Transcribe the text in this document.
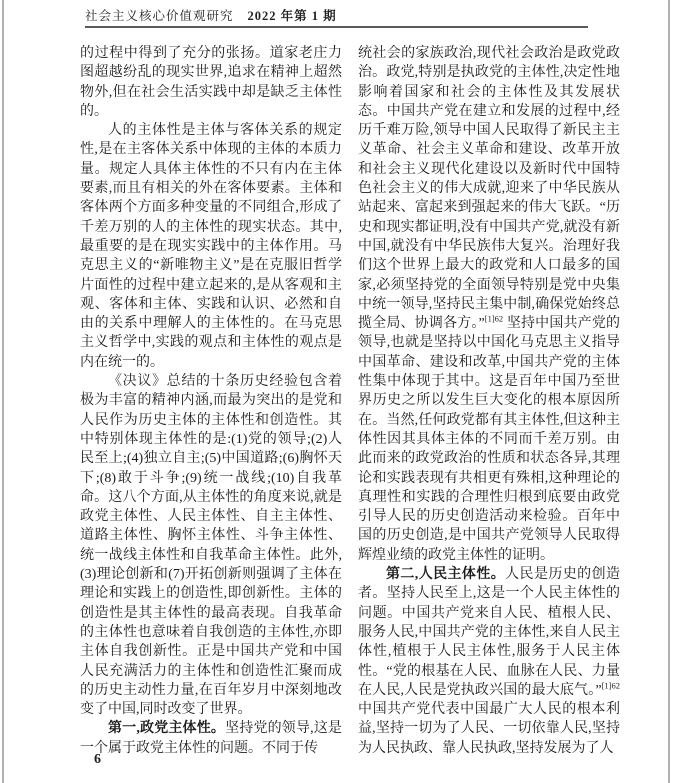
社会主义核心价值观研究 2022 年第 1 期

的过程中得到了充分的张扬。道家老庄力图超越纷乱的现实世界,追求在精神上超然物外,但在社会生活实践中却是缺乏主体性的。

人的主体性是主体与客体关系的规定性,是在主客体关系中体现的主体的本质力量。规定人具体主体性的不只有内在主体要素,而且有相关的外在客体要素。主体和客体两个方面多种变量的不同组合,形成了千差万别的人的主体性的现实状态。其中,最重要的是在现实实践中的主体作用。马克思主义的“新唯物主义”是在克服旧哲学片面性的过程中建立起来的,是从客观和主观、客体和主体、实践和认识、必然和自由的关系中理解人的主体性的。在马克思主义哲学中,实践的观点和主体性的观点是内在统一的。

《决议》总结的十条历史经验包含着极为丰富的精神内涵,而最为突出的是党和人民作为历史主体的主体性和创造性。其中特别体现主体性的是:(1)党的领导;(2)人民至上;(4)独立自主;(5)中国道路;(6)胸怀天下;(8)敢于斗争;(9)统一战线;(10)自我革命。这八个方面,从主体性的角度来说,就是政党主体性、人民主体性、自主主体性、道路主体性、胸怀主体性、斗争主体性、统一战线主体性和自我革命主体性。此外,(3)理论创新和(7)开拓创新则强调了主体在理论和实践上的创造性,即创新性。主体的创造性是其主体性的最高表现。自我革命的主体性也意味着自我创造的主体性,亦即主体自我创新性。正是中国共产党和中国人民充满活力的主体性和创造性汇聚而成的历史主动性力量,在百年岁月中深刻地改变了中国,同时改变了世界。

第一,政党主体性。坚持党的领导,这是一个属于政党主体性的问题。不同于传

统社会的家族政治,现代社会政治是政党政治。政党,特别是执政党的主体性,决定性地影响着国家和社会的主体性及其发展状态。中国共产党在建立和发展的过程中,经历千难万险,领导中国人民取得了新民主主义革命、社会主义革命和建设、改革开放和社会主义现代化建设以及新时代中国特色社会主义的伟大成就,迎来了中华民族从站起来、富起来到强起来的伟大飞跃。“历史和现实都证明,没有中国共产党,就没有新中国,就没有中华民族伟大复兴。治理好我们这个世界上最大的政党和人口最多的国家,必须坚持党的全面领导特别是党中央集中统一领导,坚持民主集中制,确保党始终总揽全局、协调各方。”$^{[1]62}$ 坚持中国共产党的领导,也就是坚持以中国化马克思主义指导中国革命、建设和改革,中国共产党的主体性集中体现于其中。这是百年中国乃至世界历史之所以发生巨大变化的根本原因所在。当然,任何政党都有其主体性,但这种主体性因其具体主体的不同而千差万别。由此而来的政党政治的性质和状态各异,其理论和实践表现有共相更有殊相,这种理论的真理性和实践的合理性归根到底要由政党引导人民的历史创造活动来检验。百年中国的历史创造,是中国共产党领导人民取得辉煌业绩的政党主体性的证明。

第二,人民主体性。人民是历史的创造者。坚持人民至上,这是一个人民主体性的问题。中国共产党来自人民、植根人民、服务人民,中国共产党的主体性,来自人民主体性,植根于人民主体性,服务于人民主体性。“党的根基在人民、血脉在人民、力量在人民,人民是党执政兴国的最大底气。”$^{[1]62}$中国共产党代表中国最广大人民的根本利益,坚持一切为了人民、一切依靠人民,坚持为人民执政、靠人民执政,坚持发展为了人

6
